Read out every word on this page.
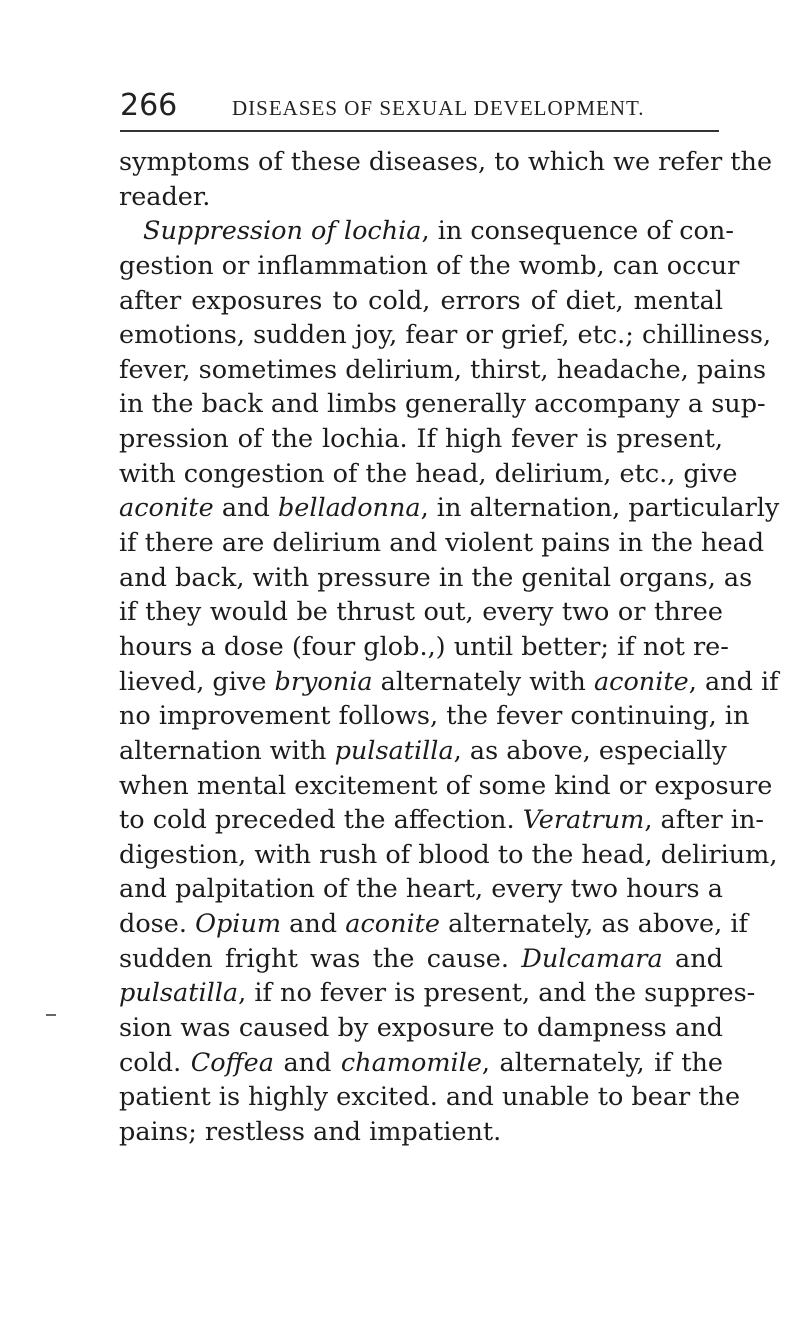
266	DISEASES OF SEXUAL DEVELOPMENT.
symptoms of these diseases, to which we refer the
reader.
Suppression of lochia, in consequence of con-
gestion or inflammation of the womb, can occur
after exposures to cold, errors of diet, mental
emotions, sudden joy, fear or grief, etc.; chilliness,
fever, sometimes delirium, thirst, headache, pains
in the back and limbs generally accompany a sup-
pression of the lochia. If high fever is present,
with congestion of the head, delirium, etc., give
aconite and belladonna, in alternation, particularly
if there are delirium and violent pains in the head
and back, with pressure in the genital organs, as
if they would be thrust out, every two or three
hours a dose (four glob.,) until better; if not re-
lieved, give bryonia alternately with aconite, and if
no improvement follows, the fever continuing, in
alternation with pulsatilla, as above, especially
when mental excitement of some kind or exposure
to cold preceded the affection. Veratrum, after in-
digestion, with rush of blood to the head, delirium,
and palpitation of the heart, every two hours a
dose. Opium and aconite alternately, as above, if
sudden fright was the cause. Dulcamara and
pulsatilla, if no fever is present, and the suppres-
sion was caused by exposure to dampness and
cold. Coffea and chamomile, alternately, if the
patient is highly excited. and unable to bear the
pains; restless and impatient.
